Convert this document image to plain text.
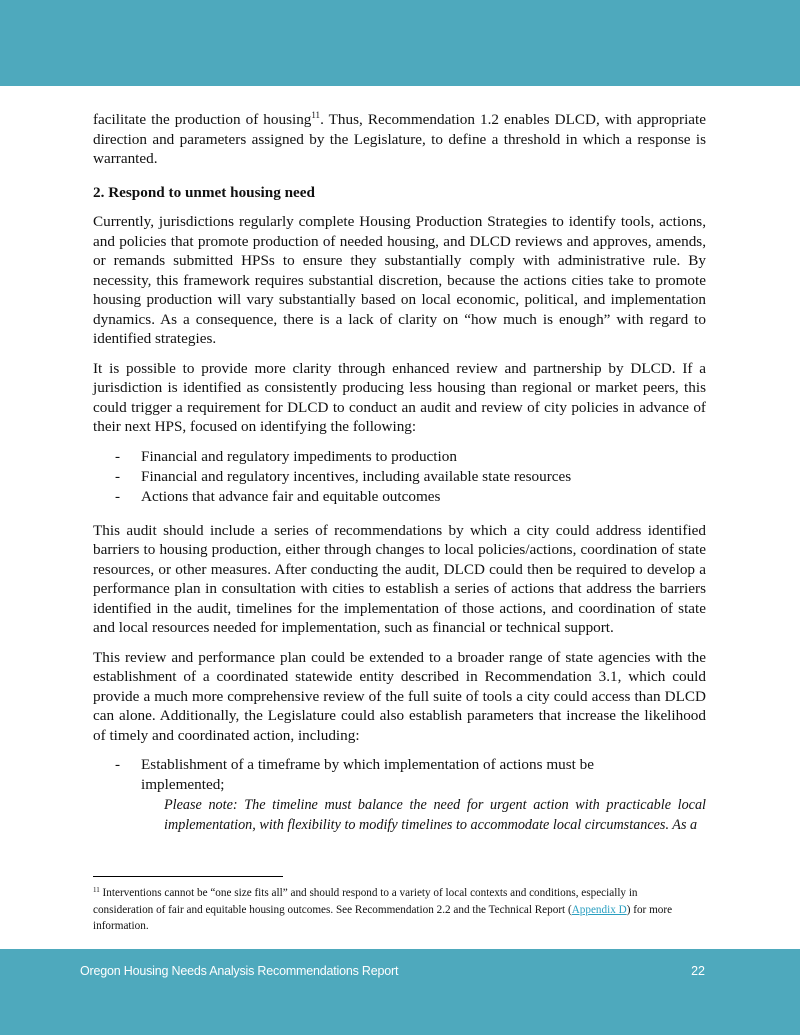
facilitate the production of housing$^{11}$. Thus, Recommendation 1.2 enables DLCD, with appropriate direction and parameters assigned by the Legislature, to define a threshold in which a response is warranted.

2. Respond to unmet housing need

Currently, jurisdictions regularly complete Housing Production Strategies to identify tools, actions, and policies that promote production of needed housing, and DLCD reviews and approves, amends, or remands submitted HPSs to ensure they substantially comply with administrative rule. By necessity, this framework requires substantial discretion, because the actions cities take to promote housing production will vary substantially based on local economic, political, and implementation dynamics. As a consequence, there is a lack of clarity on “how much is enough” with regard to identified strategies.

It is possible to provide more clarity through enhanced review and partnership by DLCD. If a jurisdiction is identified as consistently producing less housing than regional or market peers, this could trigger a requirement for DLCD to conduct an audit and review of city policies in advance of their next HPS, focused on identifying the following:

- Financial and regulatory impediments to production
- Financial and regulatory incentives, including available state resources
- Actions that advance fair and equitable outcomes

This audit should include a series of recommendations by which a city could address identified barriers to housing production, either through changes to local policies/actions, coordination of state resources, or other measures. After conducting the audit, DLCD could then be required to develop a performance plan in consultation with cities to establish a series of actions that address the barriers identified in the audit, timelines for the implementation of those actions, and coordination of state and local resources needed for implementation, such as financial or technical support.

This review and performance plan could be extended to a broader range of state agencies with the establishment of a coordinated statewide entity described in Recommendation 3.1, which could provide a much more comprehensive review of the full suite of tools a city could access than DLCD can alone. Additionally, the Legislature could also establish parameters that increase the likelihood of timely and coordinated action, including:

- Establishment of a timeframe by which implementation of actions must be implemented;
Please note: The timeline must balance the need for urgent action with practicable local implementation, with flexibility to modify timelines to accommodate local circumstances. As a
$^{11}$ Interventions cannot be “one size fits all” and should respond to a variety of local contexts and conditions, especially in consideration of fair and equitable housing outcomes. See Recommendation 2.2 and the Technical Report (Appendix D) for more information.
Oregon Housing Needs Analysis Recommendations Report	22
